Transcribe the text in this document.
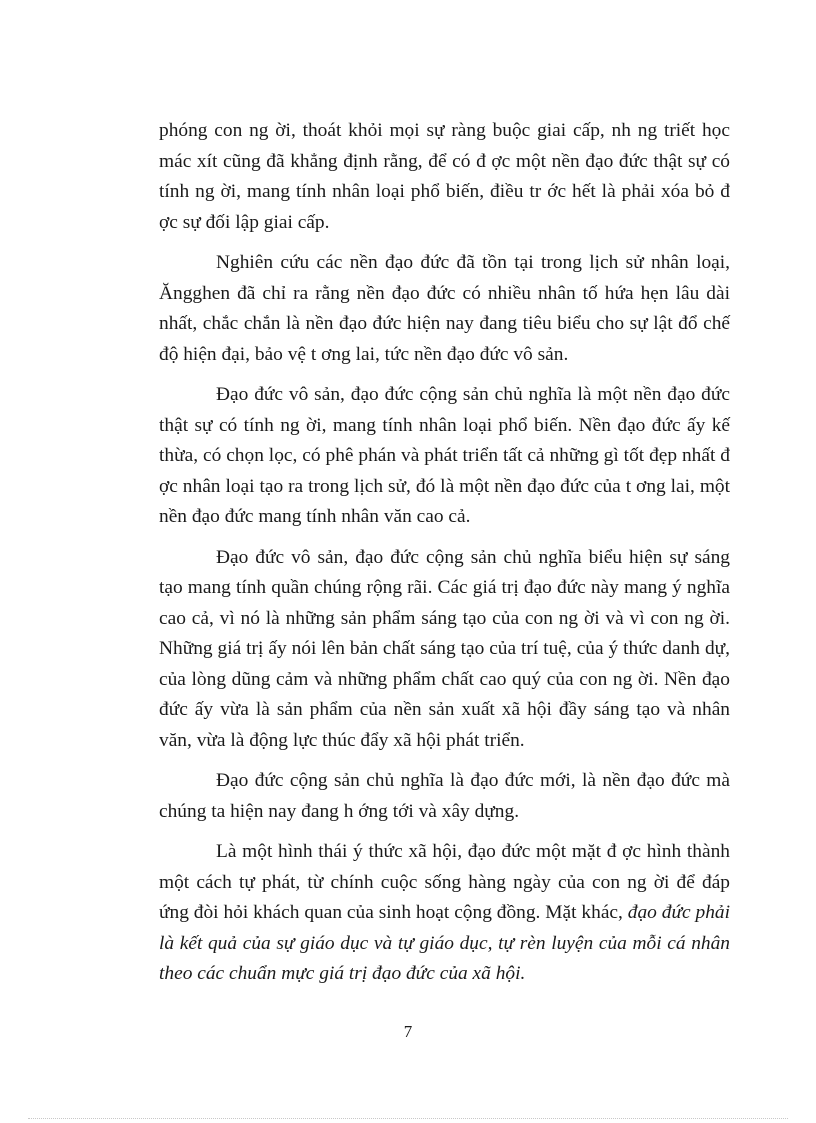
phóng con ng ời, thoát khỏi mọi sự ràng buộc giai cấp, nh ng triết học mác xít cũng đã khẳng định rằng, để có đ ợc một nền đạo đức thật sự có tính ng ời, mang tính nhân loại phổ biến, điều tr ớc hết là phải xóa bỏ đ ợc sự đối lập giai cấp.

Nghiên cứu các nền đạo đức đã tồn tại trong lịch sử nhân loại, Ăngghen đã chỉ ra rằng nền đạo đức có nhiều nhân tố hứa hẹn lâu dài nhất, chắc chắn là nền đạo đức hiện nay đang tiêu biểu cho sự lật đổ chế độ hiện đại, bảo vệ t ơng lai, tức nền đạo đức vô sản.

Đạo đức vô sản, đạo đức cộng sản chủ nghĩa là một nền đạo đức thật sự có tính ng ời, mang tính nhân loại phổ biến. Nền đạo đức ấy kế thừa, có chọn lọc, có phê phán và phát triển tất cả những gì tốt đẹp nhất đ ợc nhân loại tạo ra trong lịch sử, đó là một nền đạo đức của t ơng lai, một nền đạo đức mang tính nhân văn cao cả.

Đạo đức vô sản, đạo đức cộng sản chủ nghĩa biểu hiện sự sáng tạo mang tính quần chúng rộng rãi. Các giá trị đạo đức này mang ý nghĩa cao cả, vì nó là những sản phẩm sáng tạo của con ng ời và vì con ng ời. Những giá trị ấy nói lên bản chất sáng tạo của trí tuệ, của ý thức danh dự, của lòng dũng cảm và những phẩm chất cao quý của con ng ời. Nền đạo đức ấy vừa là sản phẩm của nền sản xuất xã hội đầy sáng tạo và nhân văn, vừa là động lực thúc đẩy xã hội phát triển.

Đạo đức cộng sản chủ nghĩa là đạo đức mới, là nền đạo đức mà chúng ta hiện nay đang h ớng tới và xây dựng.

Là một hình thái ý thức xã hội, đạo đức một mặt đ ợc hình thành một cách tự phát, từ chính cuộc sống hàng ngày của con ng ời để đáp ứng đòi hỏi khách quan của sinh hoạt cộng đồng. Mặt khác, đạo đức phải là kết quả của sự giáo dục và tự giáo dục, tự rèn luyện của mỗi cá nhân theo các chuẩn mực giá trị đạo đức của xã hội.

7
